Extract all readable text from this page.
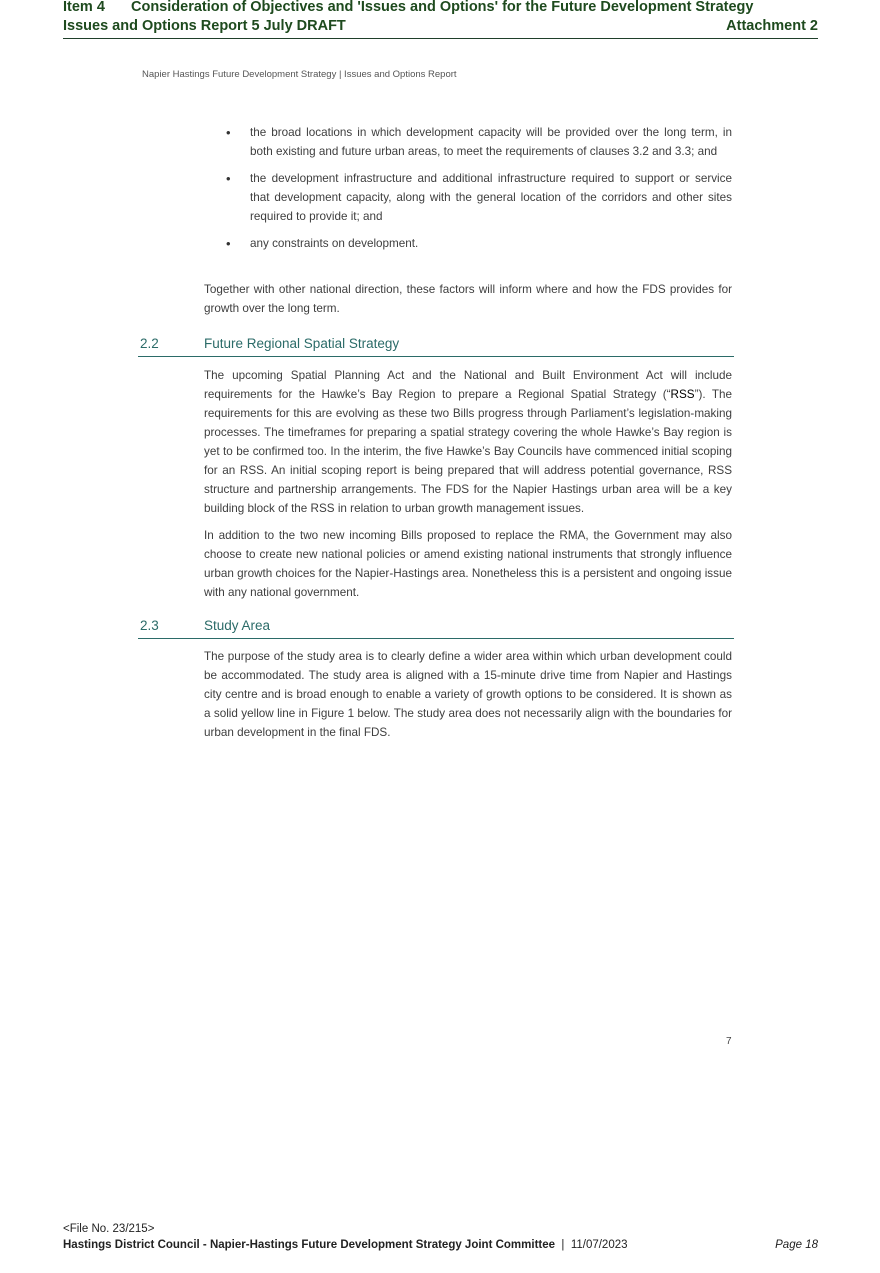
Item 4 Consideration of Objectives and 'Issues and Options' for the Future Development Strategy
Issues and Options Report 5 July DRAFT	Attachment 2
Napier Hastings Future Development Strategy | Issues and Options Report
• the broad locations in which development capacity will be provided over the long term, in both existing and future urban areas, to meet the requirements of clauses 3.2 and 3.3; and
• the development infrastructure and additional infrastructure required to support or service that development capacity, along with the general location of the corridors and other sites required to provide it; and
• any constraints on development.

Together with other national direction, these factors will inform where and how the FDS provides for growth over the long term.

2.2	Future Regional Spatial Strategy

The upcoming Spatial Planning Act and the National and Built Environment Act will include requirements for the Hawke’s Bay Region to prepare a Regional Spatial Strategy (“RSS”). The requirements for this are evolving as these two Bills progress through Parliament’s legislation-making processes. The timeframes for preparing a spatial strategy covering the whole Hawke’s Bay region is yet to be confirmed too. In the interim, the five Hawke’s Bay Councils have commenced initial scoping for an RSS. An initial scoping report is being prepared that will address potential governance, RSS structure and partnership arrangements. The FDS for the Napier Hastings urban area will be a key building block of the RSS in relation to urban growth management issues.

In addition to the two new incoming Bills proposed to replace the RMA, the Government may also choose to create new national policies or amend existing national instruments that strongly influence urban growth choices for the Napier-Hastings area. Nonetheless this is a persistent and ongoing issue with any national government.

2.3	Study Area

The purpose of the study area is to clearly define a wider area within which urban development could be accommodated. The study area is aligned with a 15-minute drive time from Napier and Hastings city centre and is broad enough to enable a variety of growth options to be considered. It is shown as a solid yellow line in Figure 1 below. The study area does not necessarily align with the boundaries for urban development in the final FDS.

7
<File No. 23/215>
Hastings District Council - Napier-Hastings Future Development Strategy Joint Committee | 11/07/2023	Page 18
